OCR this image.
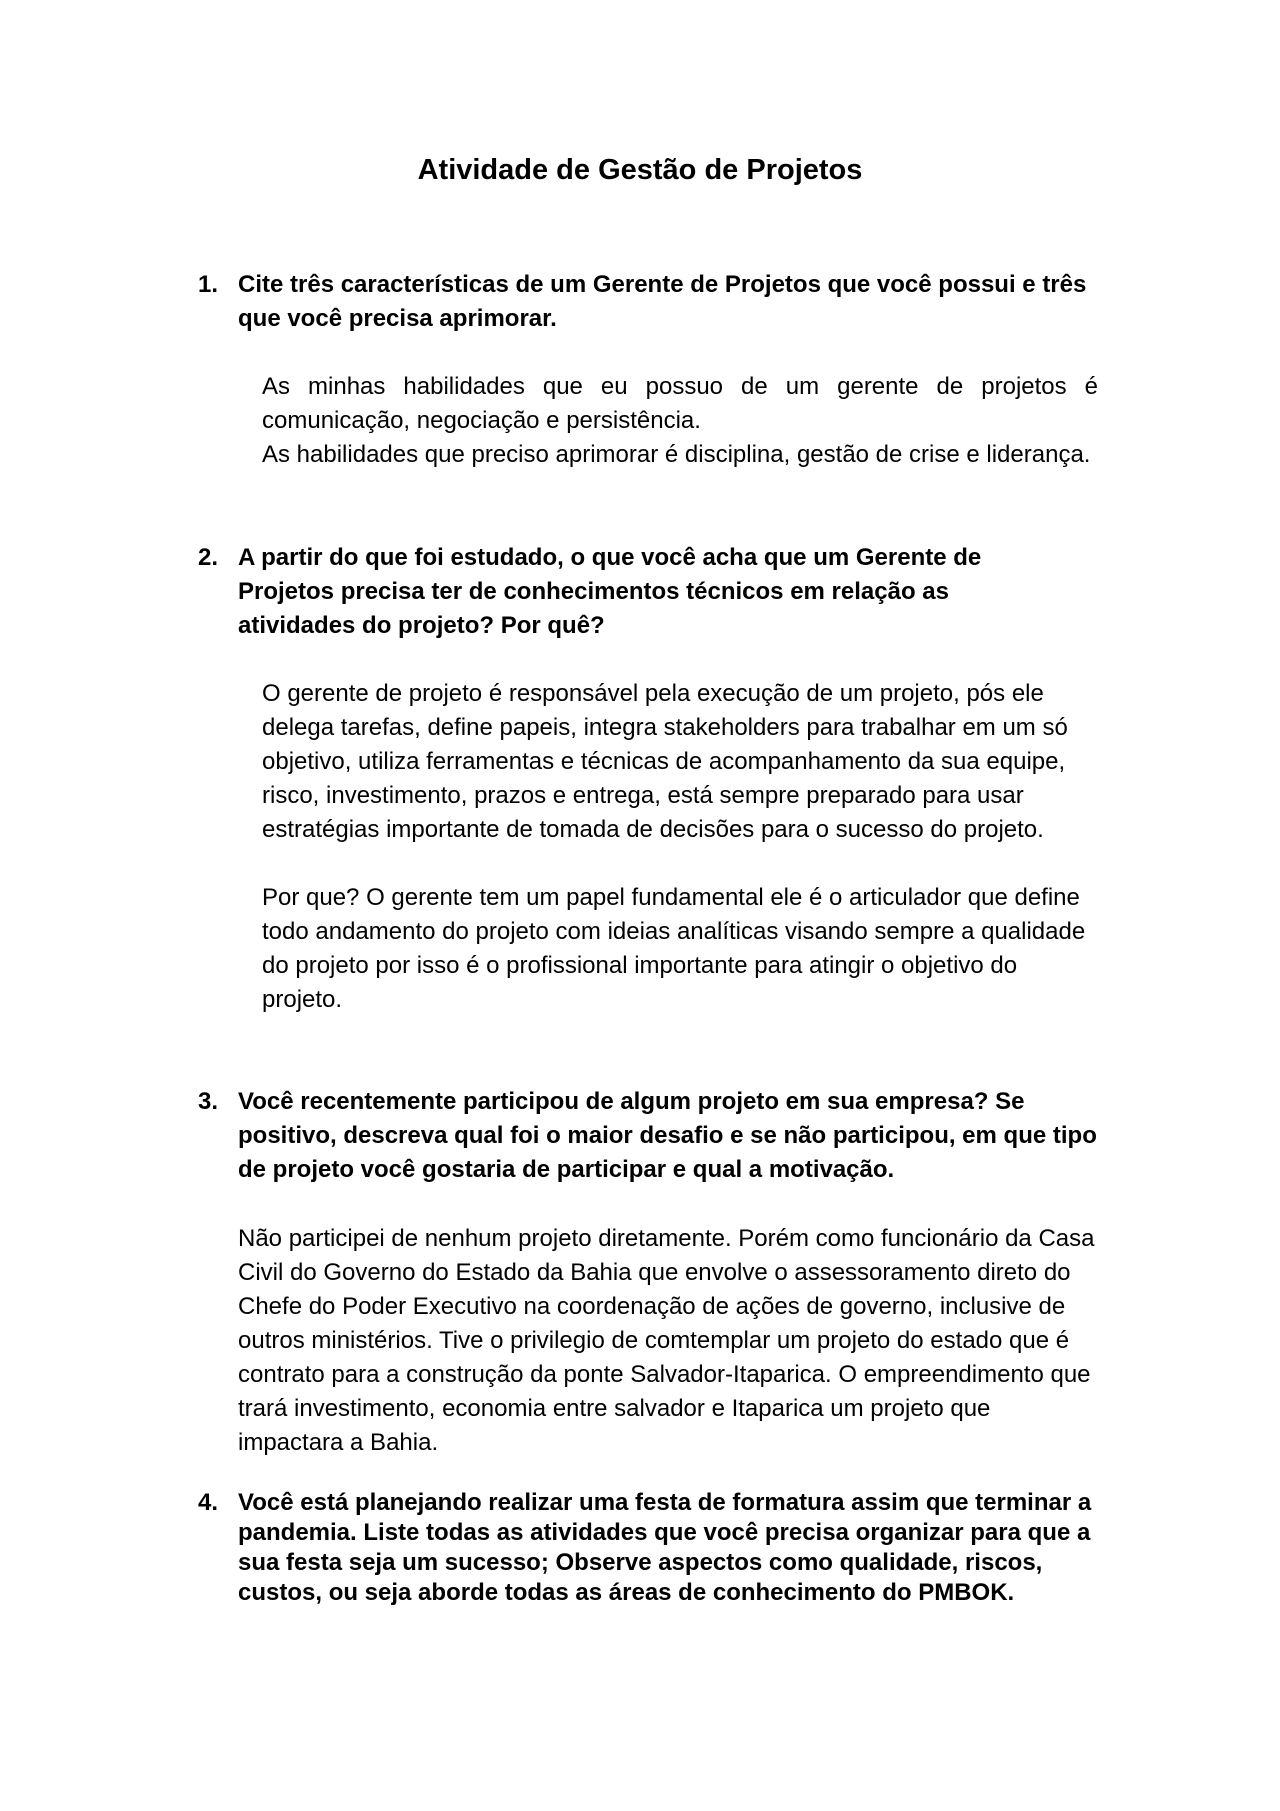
Atividade de Gestão de Projetos
1. Cite três características de um Gerente de Projetos que você possui e três que você precisa aprimorar.

As minhas habilidades que eu possuo de um gerente de projetos é comunicação, negociação e persistência.

As habilidades que preciso aprimorar é disciplina, gestão de crise e liderança.

2. A partir do que foi estudado, o que você acha que um Gerente de Projetos precisa ter de conhecimentos técnicos em relação as atividades do projeto? Por quê?

O gerente de projeto é responsável pela execução de um projeto, pós ele delega tarefas, define papeis, integra stakeholders para trabalhar em um só objetivo, utiliza ferramentas e técnicas de acompanhamento da sua equipe, risco, investimento, prazos e entrega, está sempre preparado para usar estratégias importante de tomada de decisões para o sucesso do projeto.

Por que? O gerente tem um papel fundamental ele é o articulador que define todo andamento do projeto com ideias analíticas visando sempre a qualidade do projeto por isso é o profissional importante para atingir o objetivo do projeto.

3. Você recentemente participou de algum projeto em sua empresa? Se positivo, descreva qual foi o maior desafio e se não participou, em que tipo de projeto você gostaria de participar e qual a motivação.

Não participei de nenhum projeto diretamente. Porém como funcionário da Casa Civil do Governo do Estado da Bahia que envolve o assessoramento direto do Chefe do Poder Executivo na coordenação de ações de governo, inclusive de outros ministérios. Tive o privilegio de comtemplar um projeto do estado que é contrato para a construção da ponte Salvador-Itaparica. O empreendimento que trará investimento, economia entre salvador e Itaparica um projeto que impactara a Bahia.

4. Você está planejando realizar uma festa de formatura assim que terminar a pandemia. Liste todas as atividades que você precisa organizar para que a sua festa seja um sucesso; Observe aspectos como qualidade, riscos, custos, ou seja aborde todas as áreas de conhecimento do PMBOK.
